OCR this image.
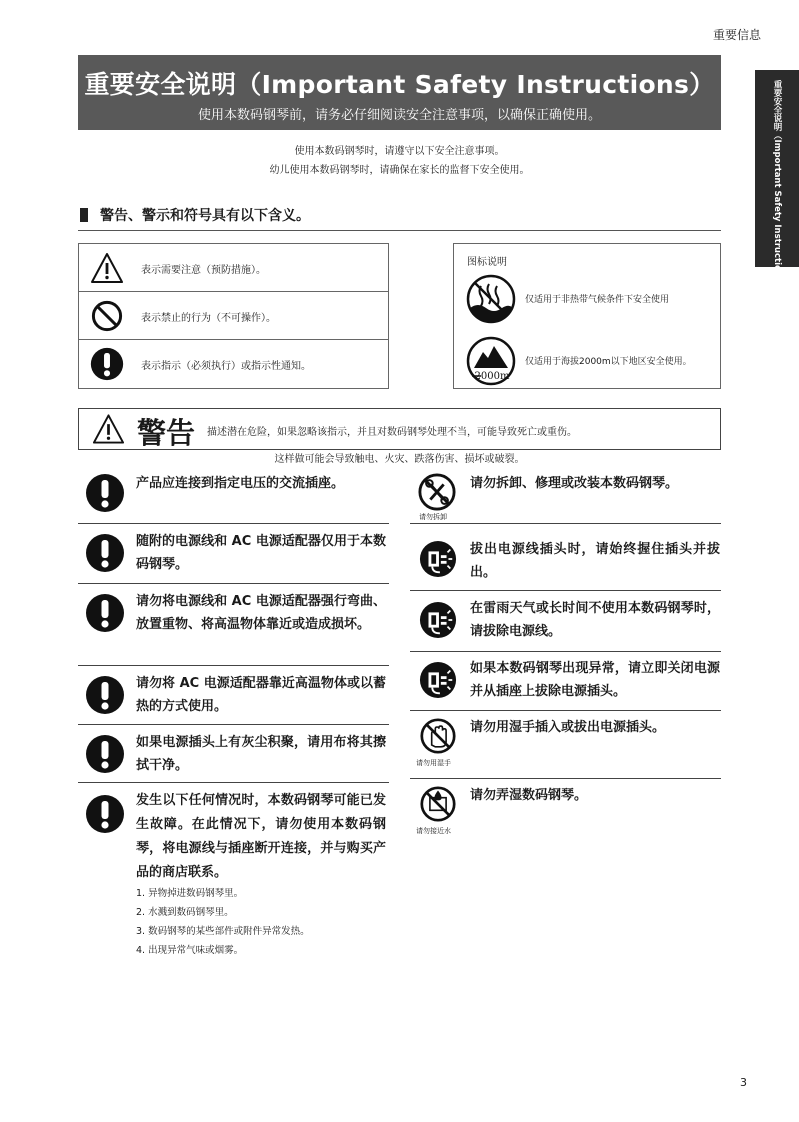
重要信息
重要安全说明（Important Safety Instructions）
重要安全说明（Important Safety Instructions）
使用本数码钢琴前，请务必仔细阅读安全注意事项，以确保正确使用。
使用本数码钢琴时，请遵守以下安全注意事项。
幼儿使用本数码钢琴时，请确保在家长的监督下安全使用。
警告、警示和符号具有以下含义。
表示需要注意（预防措施）。
表示禁止的行为（不可操作）。
表示指示（必须执行）或指示性通知。
图标说明
仅适用于非热带气候条件下安全使用
2000m
仅适用于海拔2000m以下地区安全使用。
警告 描述潜在危险，如果忽略该指示，并且对数码钢琴处理不当，可能导致死亡或重伤。
这样做可能会导致触电、火灾、跌落伤害、损坏或破裂。
产品应连接到指定电压的交流插座。
随附的电源线和 AC 电源适配器仅用于本数码钢琴。
请勿将电源线和 AC 电源适配器强行弯曲、放置重物、将高温物体靠近或造成损坏。
请勿将 AC 电源适配器靠近高温物体或以蓄热的方式使用。
如果电源插头上有灰尘积聚，请用布将其擦拭干净。
发生以下任何情况时，本数码钢琴可能已发生故障。在此情况下，请勿使用本数码钢琴，将电源线与插座断开连接，并与购买产品的商店联系。
1. 异物掉进数码钢琴里。
2. 水溅到数码钢琴里。
3. 数码钢琴的某些部件或附件异常发热。
4. 出现异常气味或烟雾。
请勿拆卸
请勿拆卸、修理或改装本数码钢琴。
拔出电源线插头时，请始终握住插头并拔出。
在雷雨天气或长时间不使用本数码钢琴时，请拔除电源线。
如果本数码钢琴出现异常，请立即关闭电源并从插座上拔除电源插头。
请勿用湿手
请勿用湿手插入或拔出电源插头。
请勿接近水
请勿弄湿数码钢琴。
3
